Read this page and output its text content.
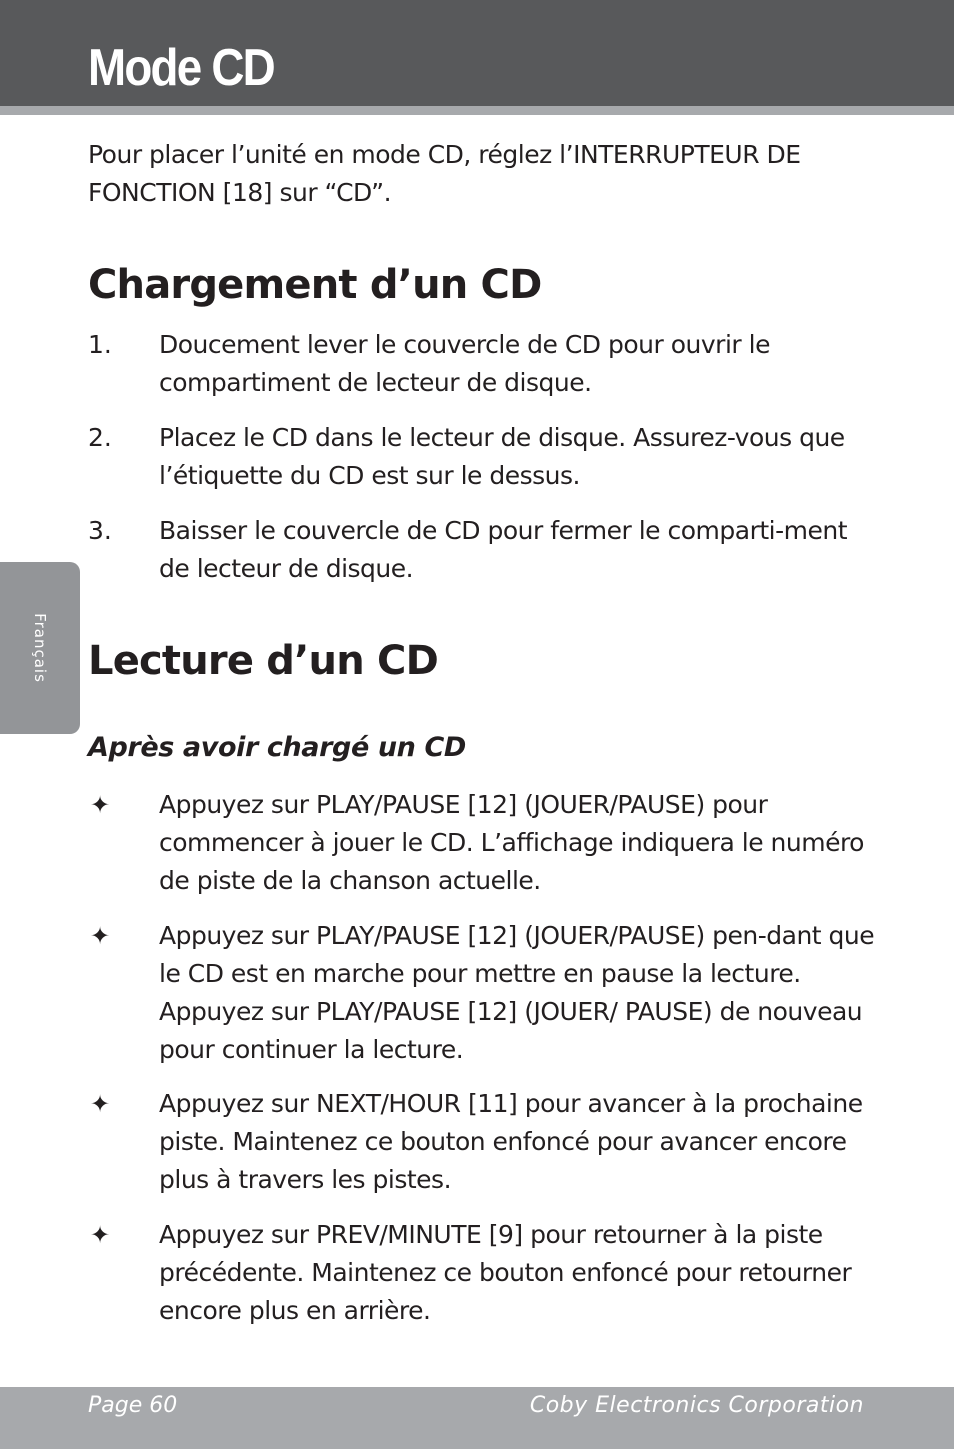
Mode CD

Pour placer l’unité en mode CD, réglez l’INTERRUPTEUR DE FONCTION [18] sur “CD”.

Chargement d’un CD
1. Doucement lever le couvercle de CD pour ouvrir le compartiment de lecteur de disque.
2. Placez le CD dans le lecteur de disque. Assurez-vous que l’étiquette du CD est sur le dessus.
3. Baisser le couvercle de CD pour fermer le comparti-ment de lecteur de disque.
Lecture d’un CD
Après avoir chargé un CD
✦ Appuyez sur PLAY/PAUSE [12] (JOUER/PAUSE) pour commencer à jouer le CD. L’affichage indiquera le numéro de piste de la chanson actuelle.
✦ Appuyez sur PLAY/PAUSE [12] (JOUER/PAUSE) pen-dant que le CD est en marche pour mettre en pause la lecture. Appuyez sur PLAY/PAUSE [12] (JOUER/ PAUSE) de nouveau pour continuer la lecture.
✦ Appuyez sur NEXT/HOUR [11] pour avancer à la prochaine piste. Maintenez ce bouton enfoncé pour avancer encore plus à travers les pistes.
✦ Appuyez sur PREV/MINUTE [9] pour retourner à la piste précédente. Maintenez ce bouton enfoncé pour retourner encore plus en arrière.
Français
Page 60	Coby Electronics Corporation
